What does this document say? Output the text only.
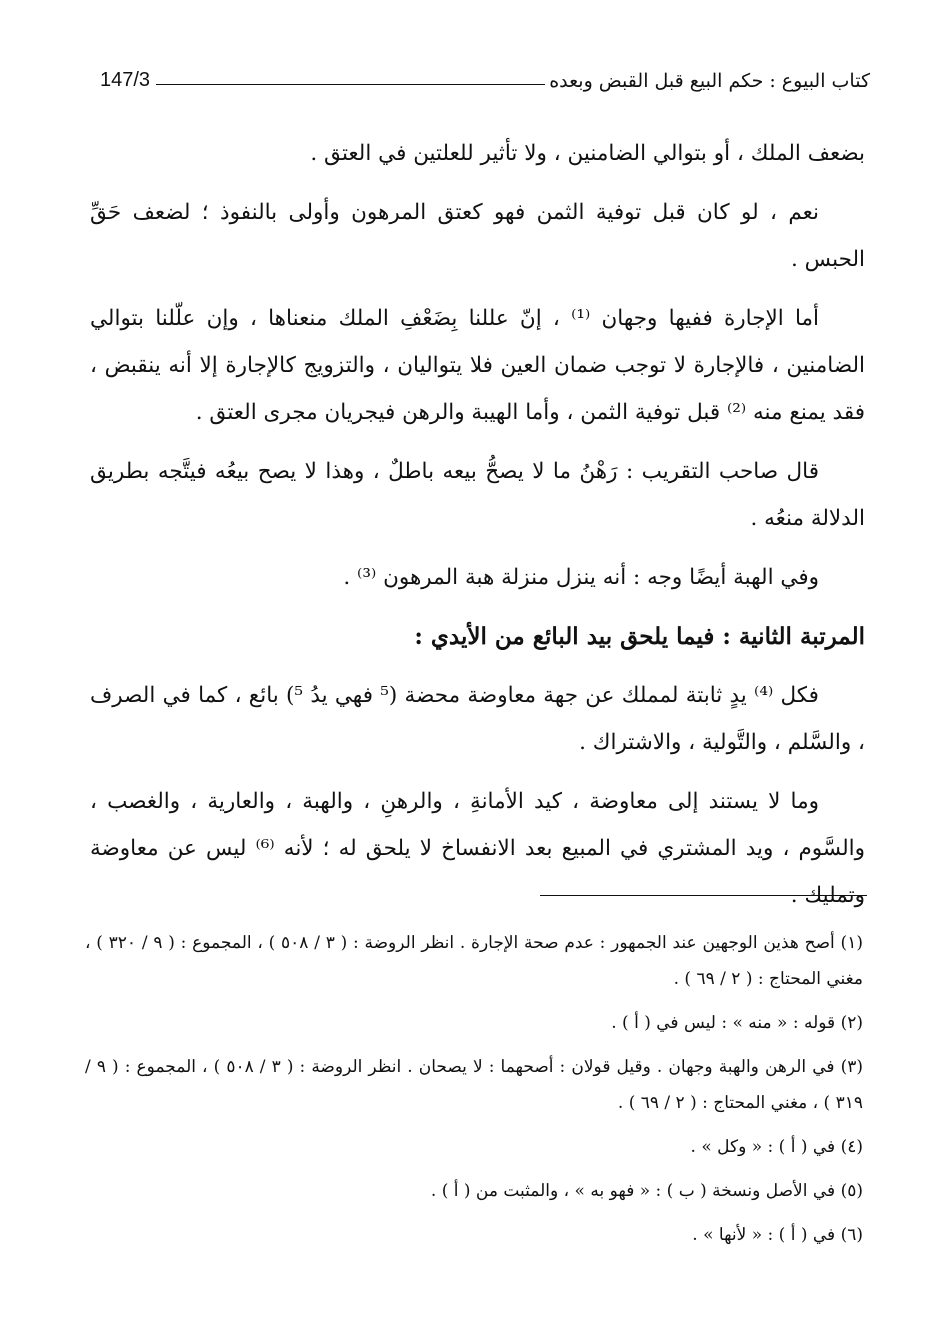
147/3	كتاب البيوع : حكم البيع قبل القبض وبعده

بضعف الملك ، أو بتوالي الضامنين ، ولا تأثير للعلتين في العتق .

نعم ، لو كان قبل توفية الثمن فهو كعتق المرهون وأولى بالنفوذ ؛ لضعف حَقِّ الحبس .

أما الإجارة ففيها وجهان ⁽¹⁾ ، إنّ عللنا بِضَعْفِ الملك منعناها ، وإن علّلنا بتوالي الضامنين ، فالإجارة لا توجب ضمان العين فلا يتواليان ، والتزويج كالإجارة إلا أنه ينقبض ، فقد يمنع منه ⁽²⁾ قبل توفية الثمن ، وأما الهيبة والرهن فيجريان مجرى العتق .

قال صاحب التقريب : رَهْنُ ما لا يصحُّ بيعه باطلٌ ، وهذا لا يصح بيعُه فيتَّجه بطريق الدلالة منعُه .

وفي الهبة أيضًا وجه : أنه ينزل منزلة هبة المرهون ⁽³⁾ .

المرتبة الثانية : فيما يلحق بيد البائع من الأيدي :

فكل ⁽⁴⁾ يدٍ ثابتة لمملك عن جهة معاوضة محضة (⁵ فهي يدُ ⁵) بائع ، كما في الصرف ، والسَّلم ، والتَّولية ، والاشتراك .

وما لا يستند إلى معاوضة ، كيد الأمانةِ ، والرهنِ ، والهبة ، والعارية ، والغصب ، والسَّوم ، ويد المشتري في المبيع بعد الانفساخ لا يلحق له ؛ لأنه ⁽⁶⁾ ليس عن معاوضة وتمليك .

(١) أصح هذين الوجهين عند الجمهور : عدم صحة الإجارة . انظر الروضة : ( ٣ / ٥٠٨ ) ، المجموع : ( ٩ / ٣٢٠ ) ، مغني المحتاج : ( ٢ / ٦٩ ) .

(٢) قوله : « منه » : ليس في ( أ ) .

(٣) في الرهن والهبة وجهان . وقيل قولان : أصحهما : لا يصحان . انظر الروضة : ( ٣ / ٥٠٨ ) ، المجموع : ( ٩ / ٣١٩ ) ، مغني المحتاج : ( ٢ / ٦٩ ) .

(٤) في ( أ ) : « وكل » .

(٥) في الأصل ونسخة ( ب ) : « فهو به » ، والمثبت من ( أ ) .

(٦) في ( أ ) : « لأنها » .
